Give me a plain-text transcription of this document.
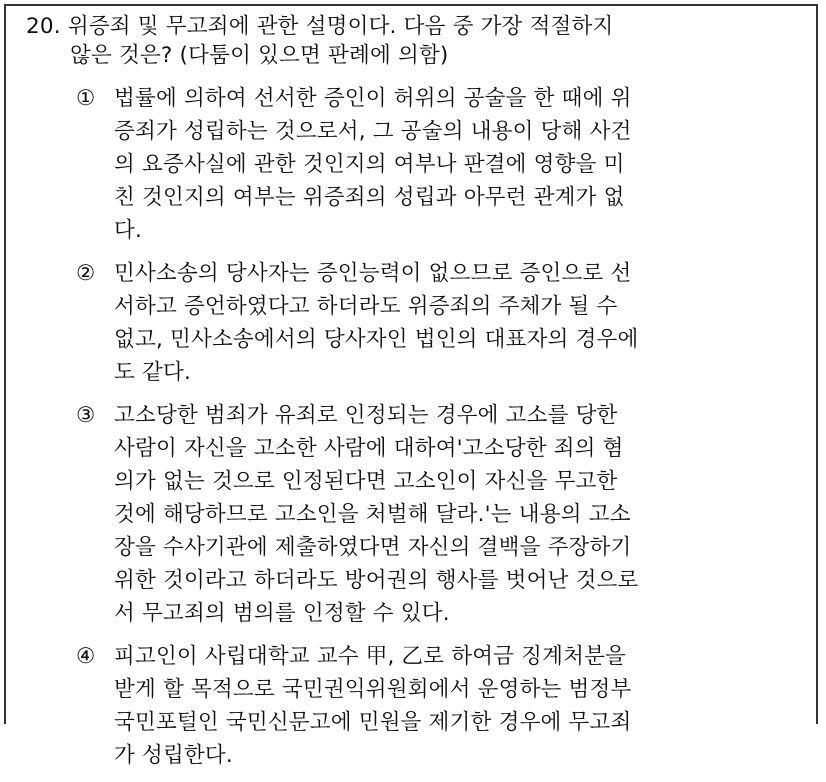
20. 위증죄 및 무고죄에 관한 설명이다. 다음 중 가장 적절하지
않은 것은? (다툼이 있으면 판례에 의함)
① 법률에 의하여 선서한 증인이 허위의 공술을 한 때에 위
증죄가 성립하는 것으로서, 그 공술의 내용이 당해 사건
의 요증사실에 관한 것인지의 여부나 판결에 영향을 미
친 것인지의 여부는 위증죄의 성립과 아무런 관계가 없
다.
② 민사소송의 당사자는 증인능력이 없으므로 증인으로 선
서하고 증언하였다고 하더라도 위증죄의 주체가 될 수
없고, 민사소송에서의 당사자인 법인의 대표자의 경우에
도 같다.
③ 고소당한 범죄가 유죄로 인정되는 경우에 고소를 당한
사람이 자신을 고소한 사람에 대하여'고소당한 죄의 혐
의가 없는 것으로 인정된다면 고소인이 자신을 무고한
것에 해당하므로 고소인을 처벌해 달라.'는 내용의 고소
장을 수사기관에 제출하였다면 자신의 결백을 주장하기
위한 것이라고 하더라도 방어권의 행사를 벗어난 것으로
서 무고죄의 범의를 인정할 수 있다.
④ 피고인이 사립대학교 교수 甲, 乙로 하여금 징계처분을
받게 할 목적으로 국민권익위원회에서 운영하는 범정부
국민포털인 국민신문고에 민원을 제기한 경우에 무고죄
가 성립한다.
